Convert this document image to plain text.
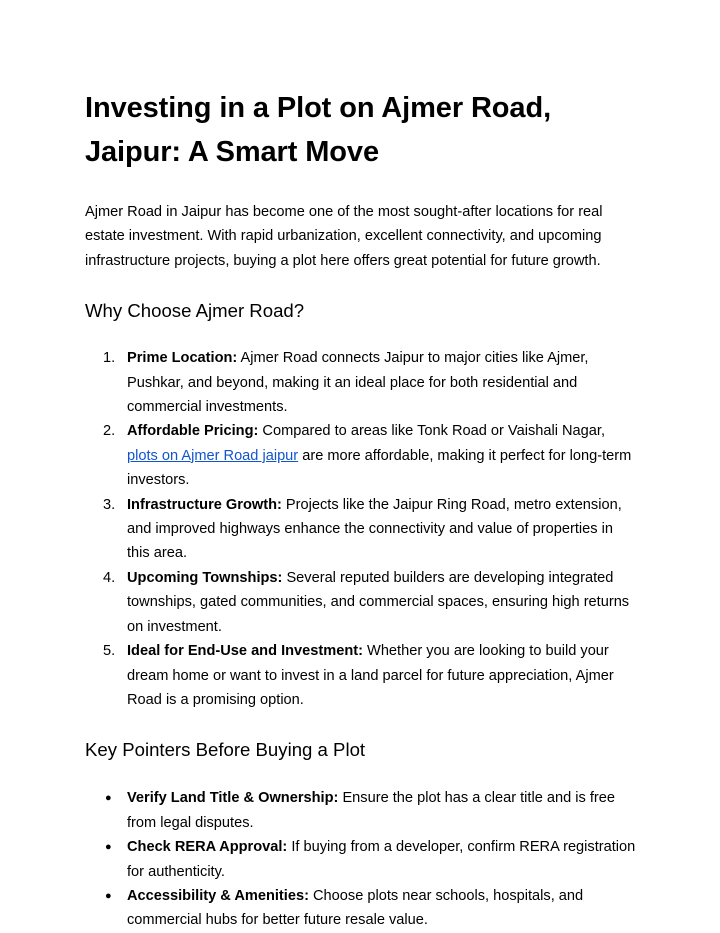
Investing in a Plot on Ajmer Road, Jaipur: A Smart Move

Ajmer Road in Jaipur has become one of the most sought-after locations for real estate investment. With rapid urbanization, excellent connectivity, and upcoming infrastructure projects, buying a plot here offers great potential for future growth.

Why Choose Ajmer Road?
1. Prime Location: Ajmer Road connects Jaipur to major cities like Ajmer, Pushkar, and beyond, making it an ideal place for both residential and commercial investments.
2. Affordable Pricing: Compared to areas like Tonk Road or Vaishali Nagar, plots on Ajmer Road jaipur are more affordable, making it perfect for long-term investors.
3. Infrastructure Growth: Projects like the Jaipur Ring Road, metro extension, and improved highways enhance the connectivity and value of properties in this area.
4. Upcoming Townships: Several reputed builders are developing integrated townships, gated communities, and commercial spaces, ensuring high returns on investment.
5. Ideal for End-Use and Investment: Whether you are looking to build your dream home or want to invest in a land parcel for future appreciation, Ajmer Road is a promising option.
Key Pointers Before Buying a Plot
● Verify Land Title & Ownership: Ensure the plot has a clear title and is free from legal disputes.
● Check RERA Approval: If buying from a developer, confirm RERA registration for authenticity.
● Accessibility & Amenities: Choose plots near schools, hospitals, and commercial hubs for better future resale value.
